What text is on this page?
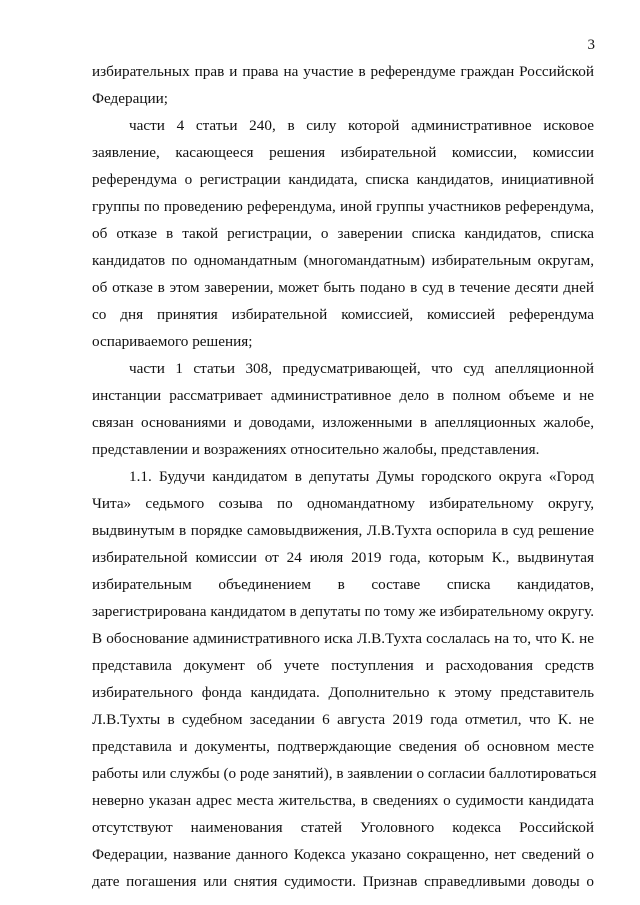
3
избирательных прав и права на участие в референдуме граждан Российской
Федерации;
части 4 статьи 240, в силу которой административное исковое
заявление, касающееся решения избирательной комиссии, комиссии
референдума о регистрации кандидата, списка кандидатов, инициативной
группы по проведению референдума, иной группы участников референдума,
об отказе в такой регистрации, о заверении списка кандидатов, списка
кандидатов по одномандатным (многомандатным) избирательным округам,
об отказе в этом заверении, может быть подано в суд в течение десяти дней
со дня принятия избирательной комиссией, комиссией референдума
оспариваемого решения;
части 1 статьи 308, предусматривающей, что суд апелляционной
инстанции рассматривает административное дело в полном объеме и не
связан основаниями и доводами, изложенными в апелляционных жалобе,
представлении и возражениях относительно жалобы, представления.
1.1. Будучи кандидатом в депутаты Думы городского округа «Город
Чита» седьмого созыва по одномандатному избирательному округу,
выдвинутым в порядке самовыдвижения, Л.В.Тухта оспорила в суд решение
избирательной комиссии от 24 июля 2019 года, которым К., выдвинутая
избирательным объединением в составе списка кандидатов,
зарегистрирована кандидатом в депутаты по тому же избирательному округу.
В обоснование административного иска Л.В.Тухта сослалась на то, что К. не
представила документ об учете поступления и расходования средств
избирательного фонда кандидата. Дополнительно к этому представитель
Л.В.Тухты в судебном заседании 6 августа 2019 года отметил, что К. не
представила и документы, подтверждающие сведения об основном месте
работы или службы (о роде занятий), в заявлении о согласии баллотироваться
неверно указан адрес места жительства, в сведениях о судимости кандидата
отсутствуют наименования статей Уголовного кодекса Российской
Федерации, название данного Кодекса указано сокращенно, нет сведений о
дате погашения или снятия судимости. Признав справедливыми доводы о
